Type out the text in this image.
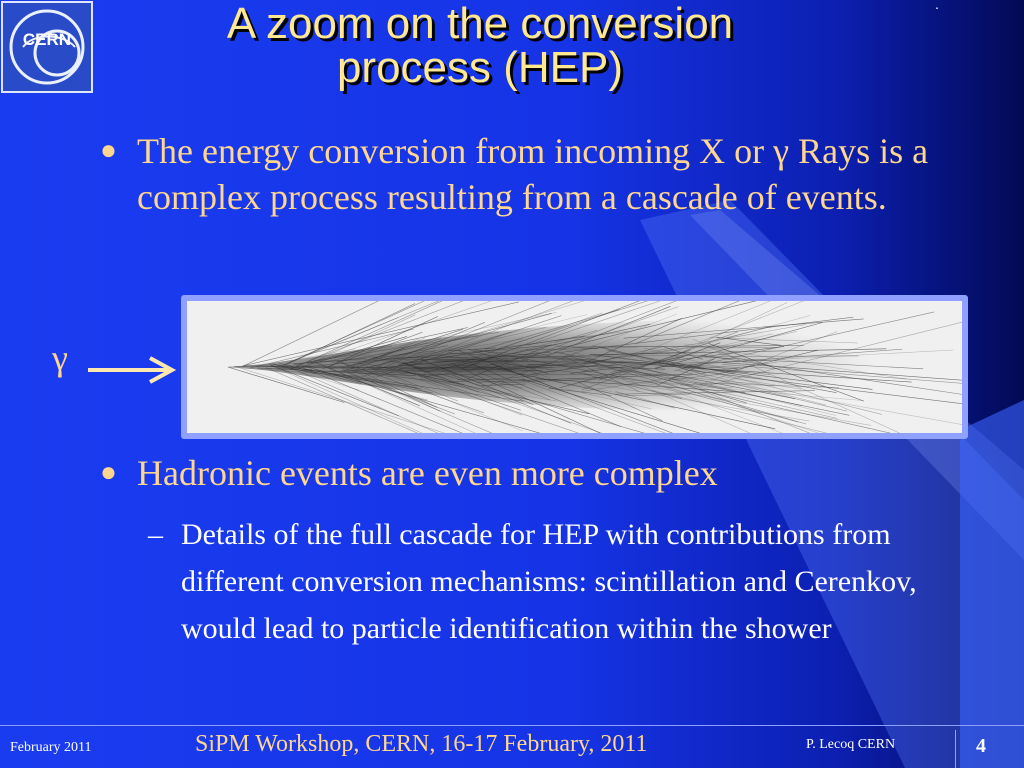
CERN
.
A zoom on the conversion
process (HEP)
● The energy conversion from incoming X or γ Rays is a complex process resulting from a cascade of events.
γ
● Hadronic events are even more complex
– Details of the full cascade for HEP with contributions from different conversion mechanisms: scintillation and Cerenkov, would lead to particle identification within the shower
February 2011	SiPM Workshop, CERN, 16-17 February, 2011	P. Lecoq CERN	4
